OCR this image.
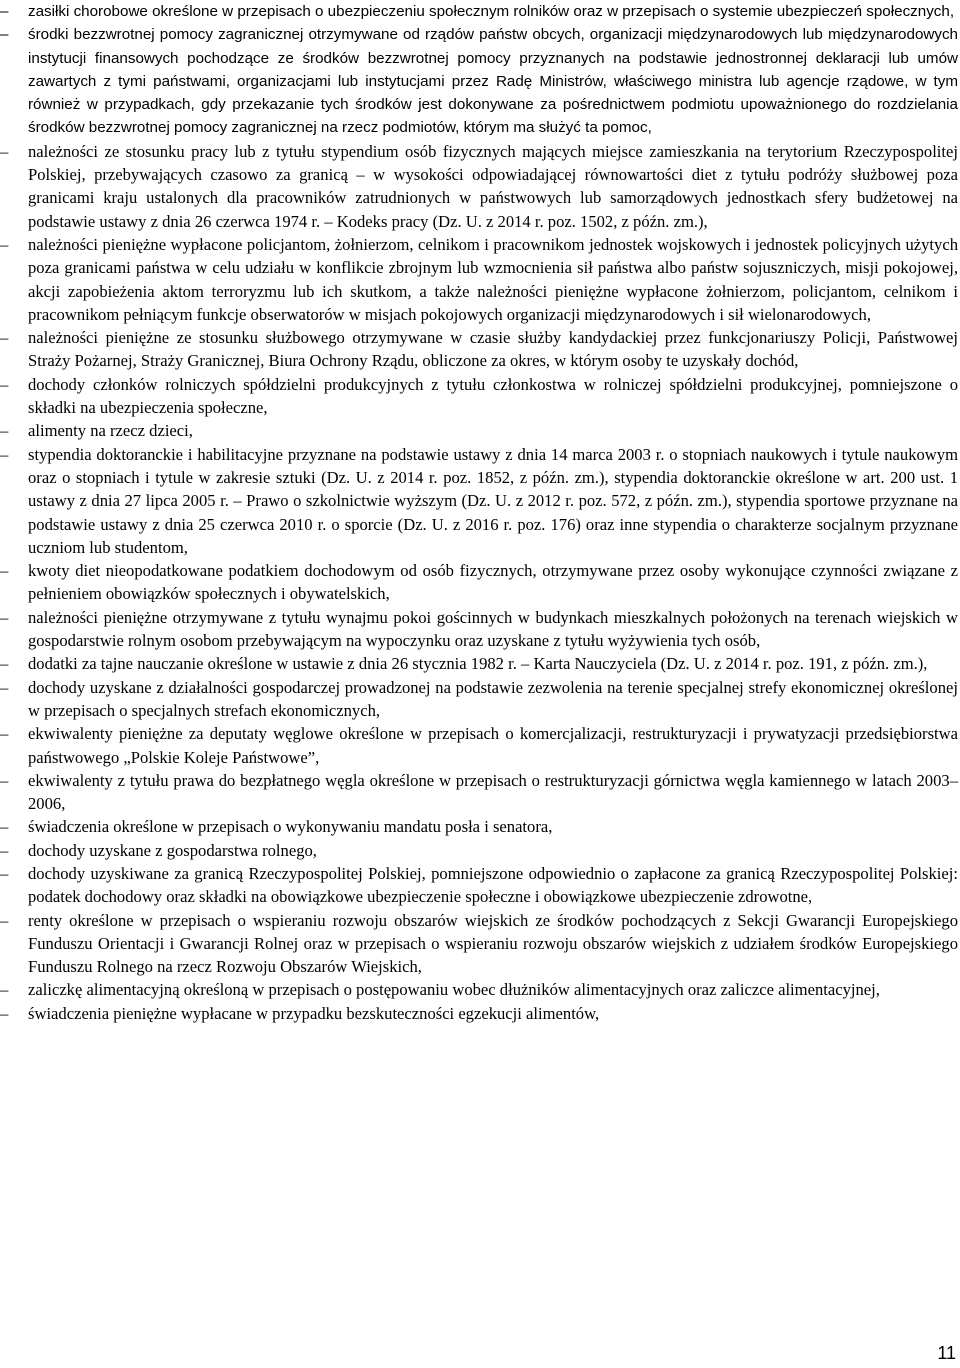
–	zasiłki chorobowe określone w przepisach o ubezpieczeniu społecznym rolników oraz w przepisach o systemie ubezpieczeń społecznych,
–	środki bezzwrotnej pomocy zagranicznej otrzymywane od rządów państw obcych, organizacji międzynarodowych lub międzynarodowych instytucji finansowych pochodzące ze środków bezzwrotnej pomocy przyznanych na podstawie jednostronnej deklaracji lub umów zawartych z tymi państwami, organizacjami lub instytucjami przez Radę Ministrów, właściwego ministra lub agencje rządowe, w tym również w przypadkach, gdy przekazanie tych środków jest dokonywane za pośrednictwem podmiotu upoważnionego do rozdzielania środków bezzwrotnej pomocy zagranicznej na rzecz podmiotów, którym ma służyć ta pomoc,
–	należności ze stosunku pracy lub z tytułu stypendium osób fizycznych mających miejsce zamieszkania na terytorium Rzeczypospolitej Polskiej, przebywających czasowo za granicą – w wysokości odpowiadającej równowartości diet z tytułu podróży służbowej poza granicami kraju ustalonych dla pracowników zatrudnionych w państwowych lub samorządowych jednostkach sfery budżetowej na podstawie ustawy z dnia 26 czerwca 1974 r. – Kodeks pracy (Dz. U. z 2014 r. poz. 1502, z późn. zm.),
–	należności pieniężne wypłacone policjantom, żołnierzom, celnikom i pracownikom jednostek wojskowych i jednostek policyjnych użytych poza granicami państwa w celu udziału w konflikcie zbrojnym lub wzmocnienia sił państwa albo państw sojuszniczych, misji pokojowej, akcji zapobieżenia aktom terroryzmu lub ich skutkom, a także należności pieniężne wypłacone żołnierzom, policjantom, celnikom i pracownikom pełniącym funkcje obserwatorów w misjach pokojowych organizacji międzynarodowych i sił wielonarodowych,
–	należności pieniężne ze stosunku służbowego otrzymywane w czasie służby kandydackiej przez funkcjonariuszy Policji, Państwowej Straży Pożarnej, Straży Granicznej, Biura Ochrony Rządu, obliczone za okres, w którym osoby te uzyskały dochód,
–	dochody członków rolniczych spółdzielni produkcyjnych z tytułu członkostwa w rolniczej spółdzielni produkcyjnej, pomniejszone o składki na ubezpieczenia społeczne,
–	alimenty na rzecz dzieci,
–	stypendia doktoranckie i habilitacyjne przyznane na podstawie ustawy z dnia 14 marca 2003 r. o stopniach naukowych i tytule naukowym oraz o stopniach i tytule w zakresie sztuki (Dz. U. z 2014 r. poz. 1852, z późn. zm.), stypendia doktoranckie określone w art. 200 ust. 1 ustawy z dnia 27 lipca 2005 r. – Prawo o szkolnictwie wyższym (Dz. U. z 2012 r. poz. 572, z późn. zm.), stypendia sportowe przyznane na podstawie ustawy z dnia 25 czerwca 2010 r. o sporcie (Dz. U. z 2016 r. poz. 176) oraz inne stypendia o charakterze socjalnym przyznane uczniom lub studentom,
–	kwoty diet nieopodatkowane podatkiem dochodowym od osób fizycznych, otrzymywane przez osoby wykonujące czynności związane z pełnieniem obowiązków społecznych i obywatelskich,
–	należności pieniężne otrzymywane z tytułu wynajmu pokoi gościnnych w budynkach mieszkalnych położonych na terenach wiejskich w gospodarstwie rolnym osobom przebywającym na wypoczynku oraz uzyskane z tytułu wyżywienia tych osób,
–	dodatki za tajne nauczanie określone w ustawie z dnia 26 stycznia 1982 r. – Karta Nauczyciela (Dz. U. z 2014 r. poz. 191, z późn. zm.),
–	dochody uzyskane z działalności gospodarczej prowadzonej na podstawie zezwolenia na terenie specjalnej strefy ekonomicznej określonej w przepisach o specjalnych strefach ekonomicznych,
–	ekwiwalenty pieniężne za deputaty węglowe określone w przepisach o komercjalizacji, restrukturyzacji i prywatyzacji przedsiębiorstwa państwowego „Polskie Koleje Państwowe”,
–	ekwiwalenty z tytułu prawa do bezpłatnego węgla określone w przepisach o restrukturyzacji górnictwa węgla kamiennego w latach 2003–2006,
–	świadczenia określone w przepisach o wykonywaniu mandatu posła i senatora,
–	dochody uzyskane z gospodarstwa rolnego,
–	dochody uzyskiwane za granicą Rzeczypospolitej Polskiej, pomniejszone odpowiednio o zapłacone za granicą Rzeczypospolitej Polskiej: podatek dochodowy oraz składki na obowiązkowe ubezpieczenie społeczne i obowiązkowe ubezpieczenie zdrowotne,
–	renty określone w przepisach o wspieraniu rozwoju obszarów wiejskich ze środków pochodzących z Sekcji Gwarancji Europejskiego Funduszu Orientacji i Gwarancji Rolnej oraz w przepisach o wspieraniu rozwoju obszarów wiejskich z udziałem środków Europejskiego Funduszu Rolnego na rzecz Rozwoju Obszarów Wiejskich,
–	zaliczkę alimentacyjną określoną w przepisach o postępowaniu wobec dłużników alimentacyjnych oraz zaliczce alimentacyjnej,
–	świadczenia pieniężne wypłacane w przypadku bezskuteczności egzekucji alimentów,
11
